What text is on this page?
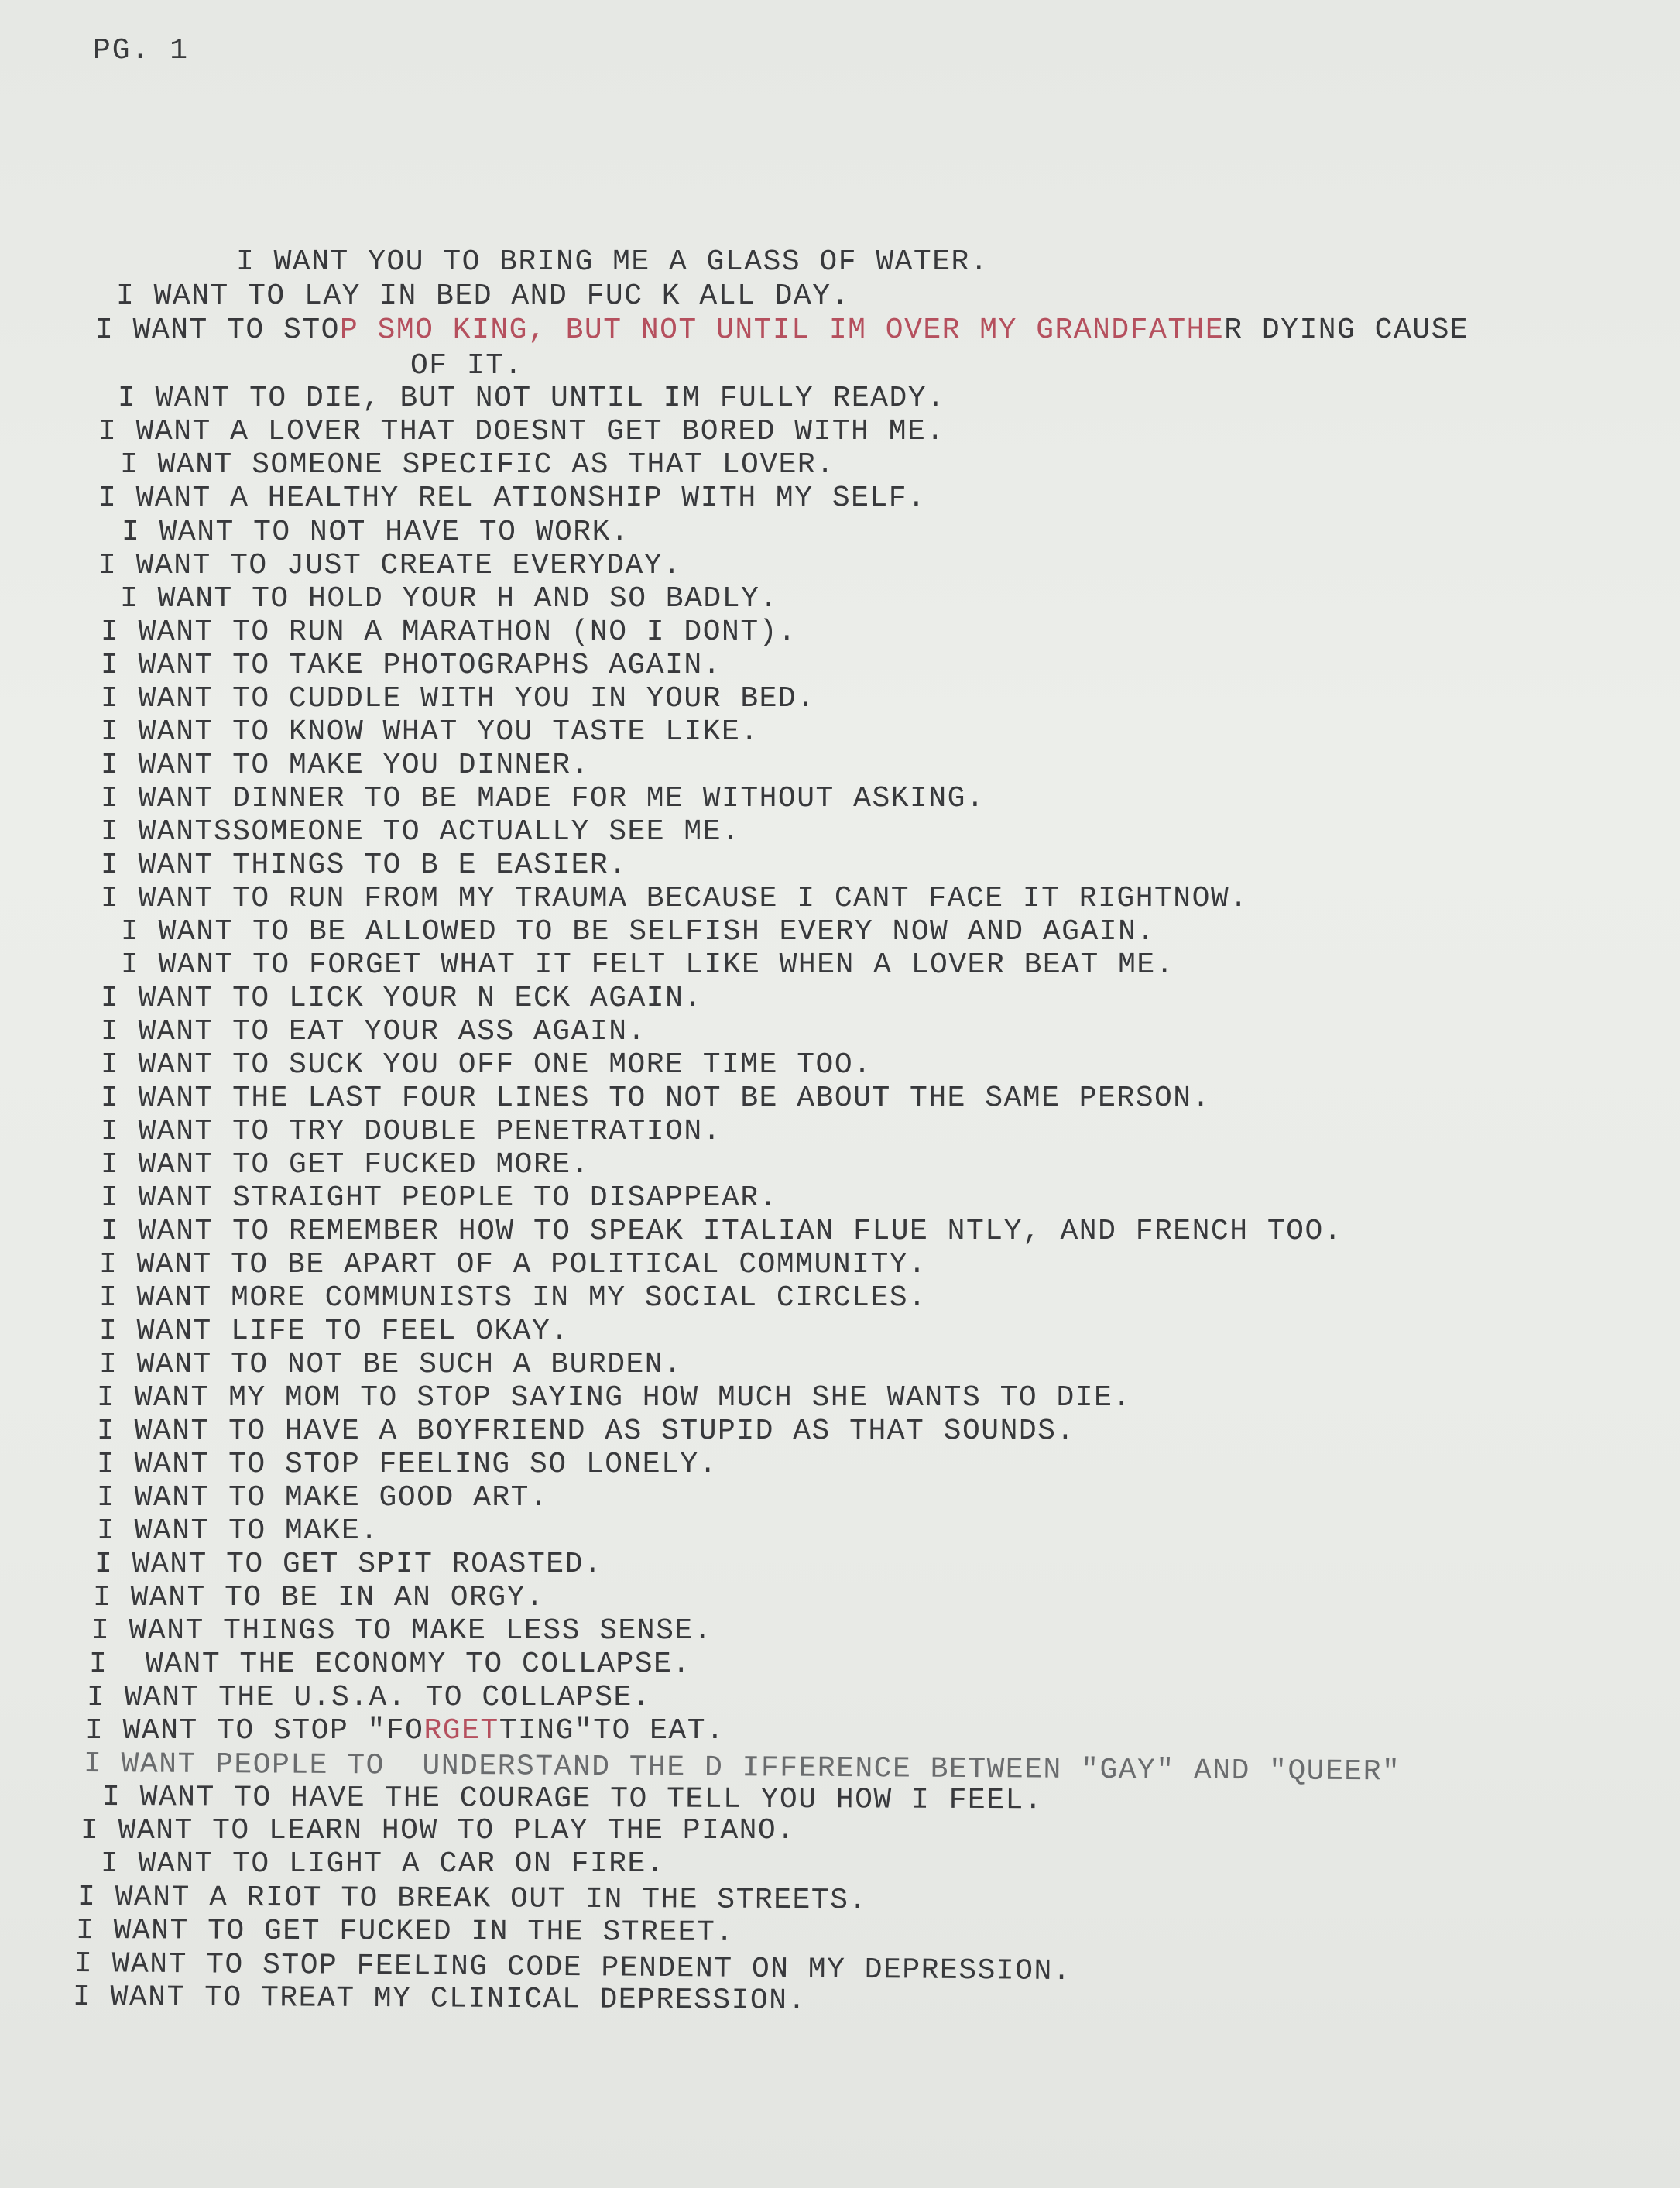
PG. 1
I WANT YOU TO BRING ME A GLASS OF WATER.
I WANT TO LAY IN BED AND FUC K ALL DAY.
I WANT TO STOP SMO KING, BUT NOT UNTIL IM OVER MY GRANDFATHER DYING CAUSE
OF IT.
I WANT TO DIE, BUT NOT UNTIL IM FULLY READY.
I WANT A LOVER THAT DOESNT GET BORED WITH ME.
I WANT SOMEONE SPECIFIC AS THAT LOVER.
I WANT A HEALTHY REL ATIONSHIP WITH MY SELF.
I WANT TO NOT HAVE TO WORK.
I WANT TO JUST CREATE EVERYDAY.
I WANT TO HOLD YOUR H AND SO BADLY.
I WANT TO RUN A MARATHON (NO I DONT).
I WANT TO TAKE PHOTOGRAPHS AGAIN.
I WANT TO CUDDLE WITH YOU IN YOUR BED.
I WANT TO KNOW WHAT YOU TASTE LIKE.
I WANT TO MAKE YOU DINNER.
I WANT DINNER TO BE MADE FOR ME WITHOUT ASKING.
I WANTSSOMEONE TO ACTUALLY SEE ME.
I WANT THINGS TO B E EASIER.
I WANT TO RUN FROM MY TRAUMA BECAUSE I CANT FACE IT RIGHTNOW.
I WANT TO BE ALLOWED TO BE SELFISH EVERY NOW AND AGAIN.
I WANT TO FORGET WHAT IT FELT LIKE WHEN A LOVER BEAT ME.
I WANT TO LICK YOUR N ECK AGAIN.
I WANT TO EAT YOUR ASS AGAIN.
I WANT TO SUCK YOU OFF ONE MORE TIME TOO.
I WANT THE LAST FOUR LINES TO NOT BE ABOUT THE SAME PERSON.
I WANT TO TRY DOUBLE PENETRATION.
I WANT TO GET FUCKED MORE.
I WANT STRAIGHT PEOPLE TO DISAPPEAR.
I WANT TO REMEMBER HOW TO SPEAK ITALIAN FLUE NTLY, AND FRENCH TOO.
I WANT TO BE APART OF A POLITICAL COMMUNITY.
I WANT MORE COMMUNISTS IN MY SOCIAL CIRCLES.
I WANT LIFE TO FEEL OKAY.
I WANT TO NOT BE SUCH A BURDEN.
I WANT MY MOM TO STOP SAYING HOW MUCH SHE WANTS TO DIE.
I WANT TO HAVE A BOYFRIEND AS STUPID AS THAT SOUNDS.
I WANT TO STOP FEELING SO LONELY.
I WANT TO MAKE GOOD ART.
I WANT TO MAKE.
I WANT TO GET SPIT ROASTED.
I WANT TO BE IN AN ORGY.
I WANT THINGS TO MAKE LESS SENSE.
I  WANT THE ECONOMY TO COLLAPSE.
I WANT THE U.S.A. TO COLLAPSE.
I WANT TO STOP "FORGETTING"TO EAT.
I WANT PEOPLE TO  UNDERSTAND THE D IFFERENCE BETWEEN "GAY" AND "QUEER"
I WANT TO HAVE THE COURAGE TO TELL YOU HOW I FEEL.
I WANT TO LEARN HOW TO PLAY THE PIANO.
I WANT TO LIGHT A CAR ON FIRE.
I WANT A RIOT TO BREAK OUT IN THE STREETS.
I WANT TO GET FUCKED IN THE STREET.
I WANT TO STOP FEELING CODE PENDENT ON MY DEPRESSION.
I WANT TO TREAT MY CLINICAL DEPRESSION.
